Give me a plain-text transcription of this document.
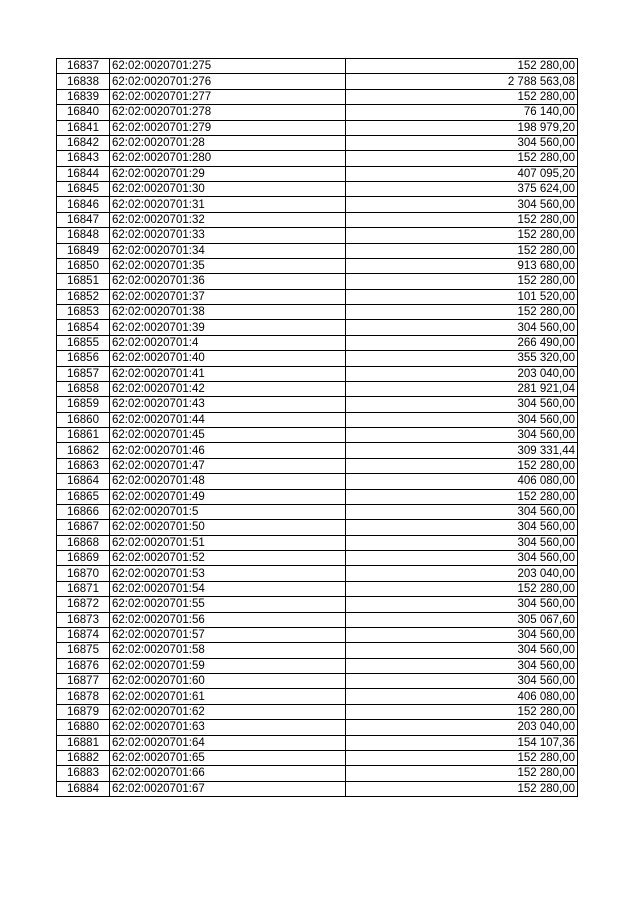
16837	62:02:0020701:275	152 280,00
16838	62:02:0020701:276	2 788 563,08
16839	62:02:0020701:277	152 280,00
16840	62:02:0020701:278	76 140,00
16841	62:02:0020701:279	198 979,20
16842	62:02:0020701:28	304 560,00
16843	62:02:0020701:280	152 280,00
16844	62:02:0020701:29	407 095,20
16845	62:02:0020701:30	375 624,00
16846	62:02:0020701:31	304 560,00
16847	62:02:0020701:32	152 280,00
16848	62:02:0020701:33	152 280,00
16849	62:02:0020701:34	152 280,00
16850	62:02:0020701:35	913 680,00
16851	62:02:0020701:36	152 280,00
16852	62:02:0020701:37	101 520,00
16853	62:02:0020701:38	152 280,00
16854	62:02:0020701:39	304 560,00
16855	62:02:0020701:4	266 490,00
16856	62:02:0020701:40	355 320,00
16857	62:02:0020701:41	203 040,00
16858	62:02:0020701:42	281 921,04
16859	62:02:0020701:43	304 560,00
16860	62:02:0020701:44	304 560,00
16861	62:02:0020701:45	304 560,00
16862	62:02:0020701:46	309 331,44
16863	62:02:0020701:47	152 280,00
16864	62:02:0020701:48	406 080,00
16865	62:02:0020701:49	152 280,00
16866	62:02:0020701:5	304 560,00
16867	62:02:0020701:50	304 560,00
16868	62:02:0020701:51	304 560,00
16869	62:02:0020701:52	304 560,00
16870	62:02:0020701:53	203 040,00
16871	62:02:0020701:54	152 280,00
16872	62:02:0020701:55	304 560,00
16873	62:02:0020701:56	305 067,60
16874	62:02:0020701:57	304 560,00
16875	62:02:0020701:58	304 560,00
16876	62:02:0020701:59	304 560,00
16877	62:02:0020701:60	304 560,00
16878	62:02:0020701:61	406 080,00
16879	62:02:0020701:62	152 280,00
16880	62:02:0020701:63	203 040,00
16881	62:02:0020701:64	154 107,36
16882	62:02:0020701:65	152 280,00
16883	62:02:0020701:66	152 280,00
16884	62:02:0020701:67	152 280,00
